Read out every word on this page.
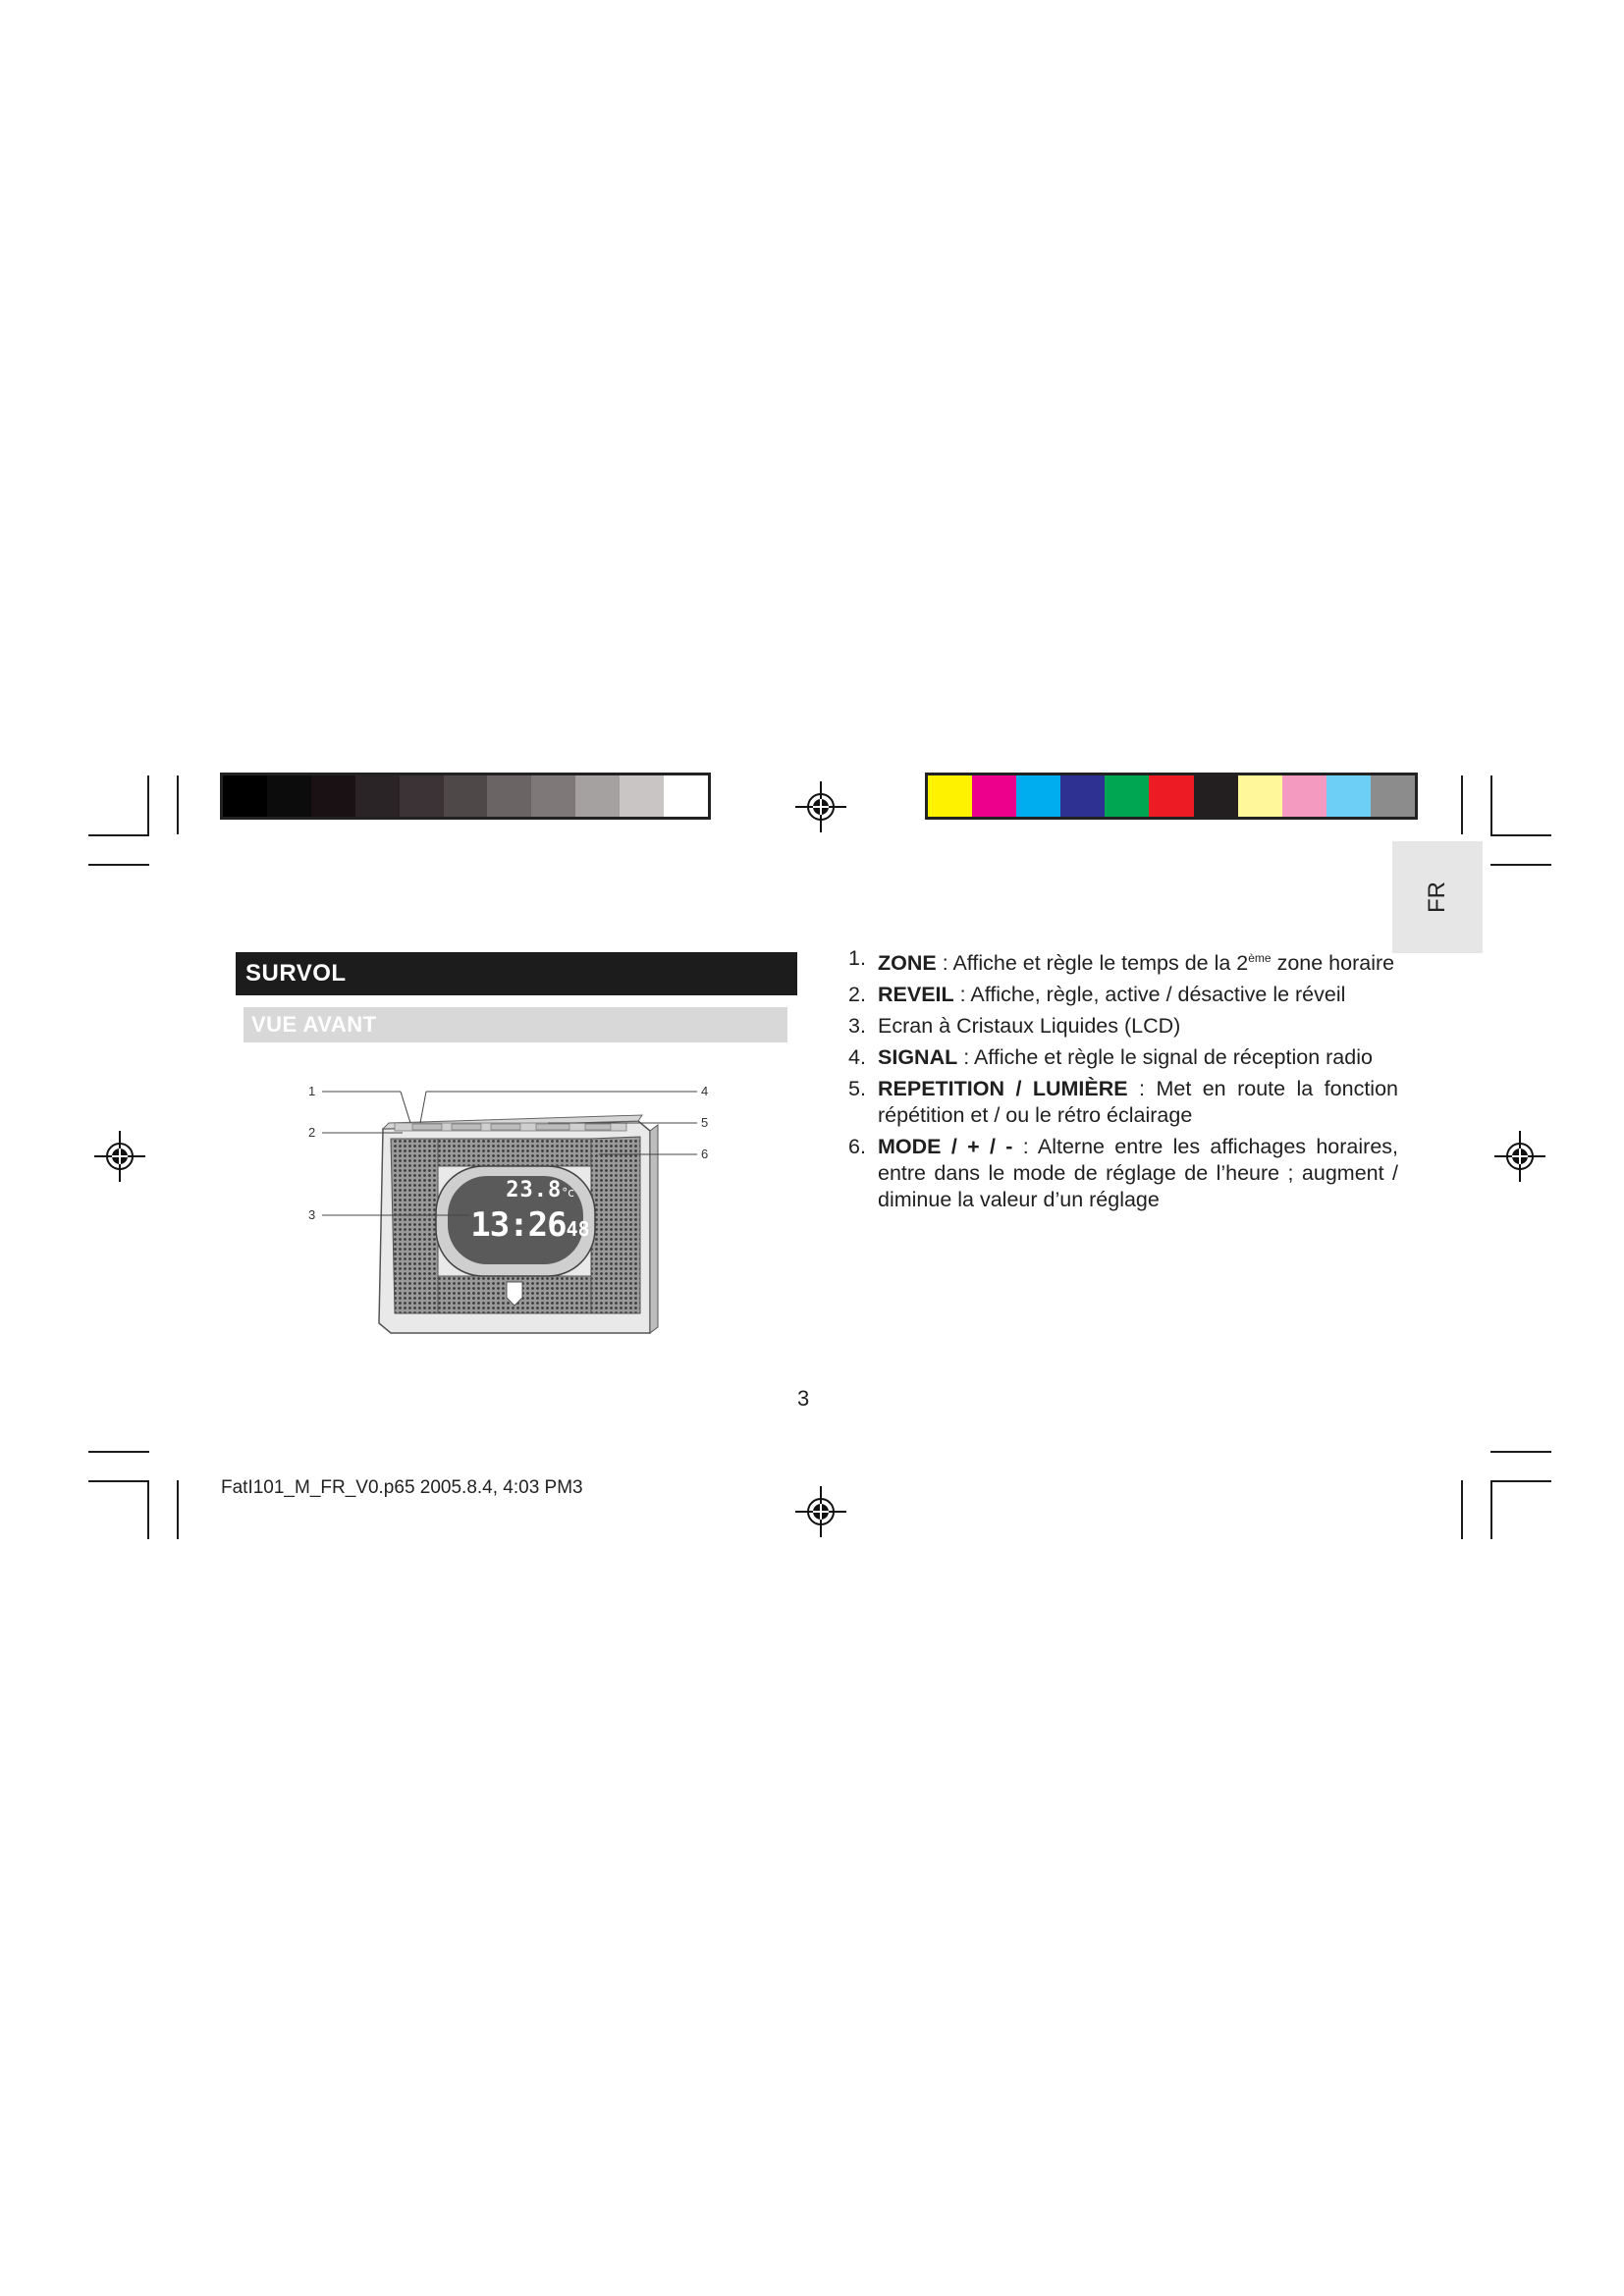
FR
SURVOL
VUE AVANT
23.8°c
13:2648
1
2
3
4
5
6
1. ZONE : Affiche et règle le temps de la 2ème zone horaire
2. REVEIL : Affiche, règle, active / désactive le réveil
3. Ecran à Cristaux Liquides (LCD)
4. SIGNAL : Affiche et règle le signal de réception radio
5. REPETITION / LUMIÈRE : Met en route la fonction répétition et / ou le rétro éclairage
6. MODE / + / - : Alterne entre les affichages horaires, entre dans le mode de réglage de l’heure ; augment / diminue la valeur d’un réglage
3
FatI101_M_FR_V0.p65 2005.8.4, 4:03 PM3
